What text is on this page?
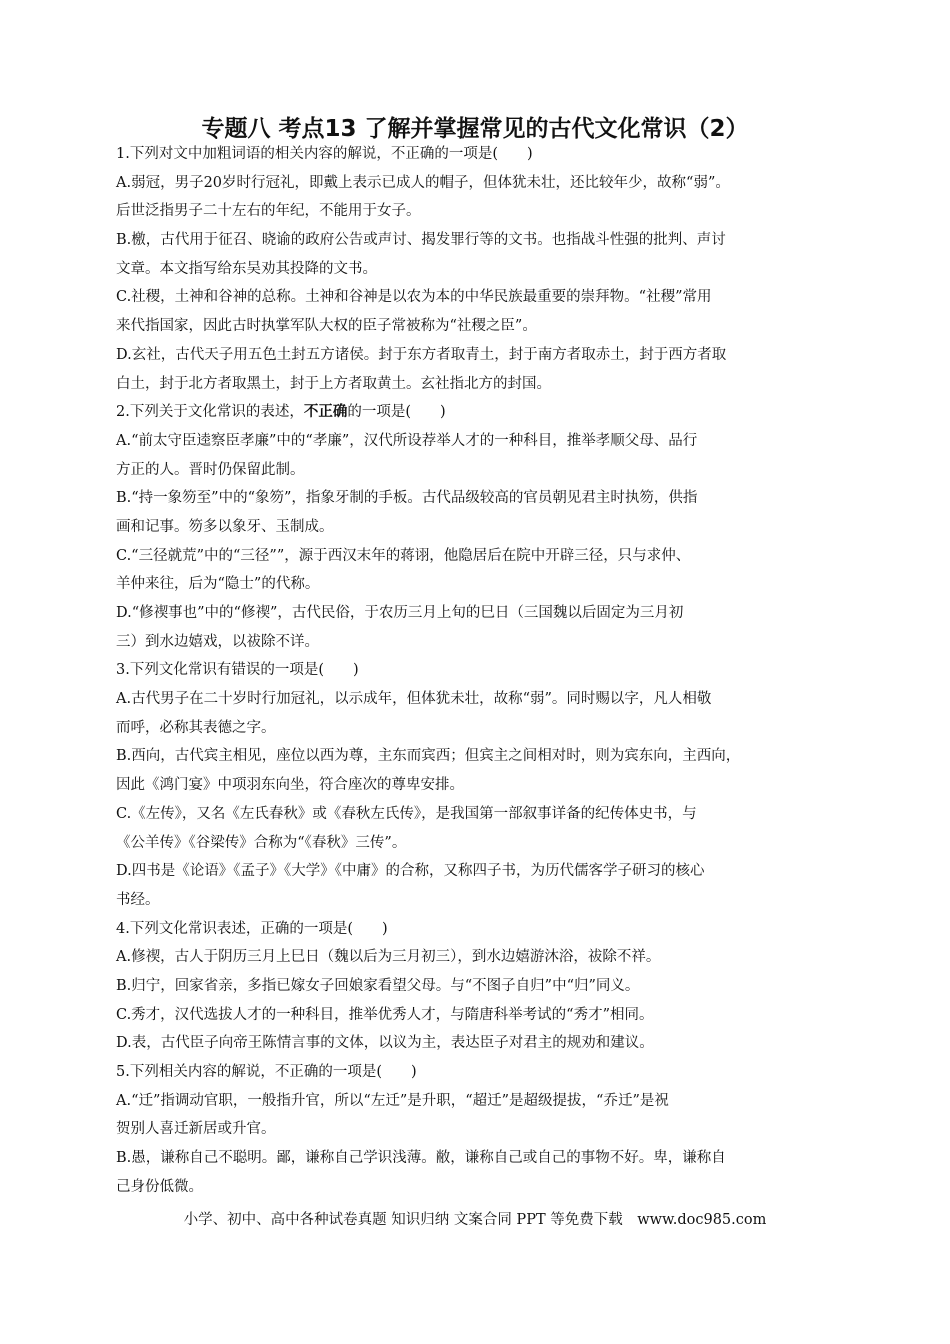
专题八 考点13 了解并掌握常见的古代文化常识（2）
1.下列对文中加粗词语的相关内容的解说，不正确的一项是(　　)
A.弱冠，男子20岁时行冠礼，即戴上表示已成人的帽子，但体犹未壮，还比较年少，故称“弱”。
后世泛指男子二十左右的年纪，不能用于女子。
B.檄，古代用于征召、晓谕的政府公告或声讨、揭发罪行等的文书。也指战斗性强的批判、声讨
文章。本文指写给东吴劝其投降的文书。
C.社稷，土神和谷神的总称。土神和谷神是以农为本的中华民族最重要的崇拜物。“社稷”常用
来代指国家，因此古时执掌军队大权的臣子常被称为“社稷之臣”。
D.玄社，古代天子用五色土封五方诸侯。封于东方者取青土，封于南方者取赤土，封于西方者取
白土，封于北方者取黑土，封于上方者取黄土。玄社指北方的封国。
2.下列关于文化常识的表述，不正确的一项是(　　)
A.“前太守臣逵察臣孝廉”中的“孝廉”，汉代所设荐举人才的一种科目，推举孝顺父母、品行
方正的人。晋时仍保留此制。
B.“持一象笏至”中的“象笏”，指象牙制的手板。古代品级较高的官员朝见君主时执笏，供指
画和记事。笏多以象牙、玉制成。
C.“三径就荒”中的“三径””，源于西汉末年的蒋诩，他隐居后在院中开辟三径，只与求仲、
羊仲来往，后为“隐士”的代称。
D.“修禊事也”中的“修禊”，古代民俗，于农历三月上旬的巳日（三国魏以后固定为三月初
三）到水边嬉戏，以祓除不详。
3.下列文化常识有错误的一项是(　　)
A.古代男子在二十岁时行加冠礼，以示成年，但体犹未壮，故称“弱”。同时赐以字，凡人相敬
而呼，必称其表德之字。
B.西向，古代宾主相见，座位以西为尊，主东而宾西；但宾主之间相对时，则为宾东向，主西向，
因此《鸿门宴》中项羽东向坐，符合座次的尊卑安排。
C.《左传》，又名《左氏春秋》或《春秋左氏传》，是我国第一部叙事详备的纪传体史书，与
《公羊传》《谷梁传》合称为“《春秋》三传”。
D.四书是《论语》《孟子》《大学》《中庸》的合称，又称四子书，为历代儒客学子研习的核心
书经。
4.下列文化常识表述，正确的一项是(　　)
A.修禊，古人于阴历三月上巳日（魏以后为三月初三），到水边嬉游沐浴，祓除不祥。
B.归宁，回家省亲，多指已嫁女子回娘家看望父母。与“不图子自归”中“归”同义。
C.秀才，汉代选拔人才的一种科目，推举优秀人才，与隋唐科举考试的“秀才”相同。
D.表，古代臣子向帝王陈情言事的文体，以议为主，表达臣子对君主的规劝和建议。
5.下列相关内容的解说，不正确的一项是(　　)
A.“迁”指调动官职，一般指升官，所以“左迁”是升职，“超迁”是超级提拔，“乔迁”是祝
贺别人喜迁新居或升官。
B.愚，谦称自己不聪明。鄙，谦称自己学识浅薄。敝，谦称自己或自己的事物不好。卑，谦称自
己身份低微。
小学、初中、高中各种试卷真题 知识归纳 文案合同 PPT 等免费下载　www.doc985.com
